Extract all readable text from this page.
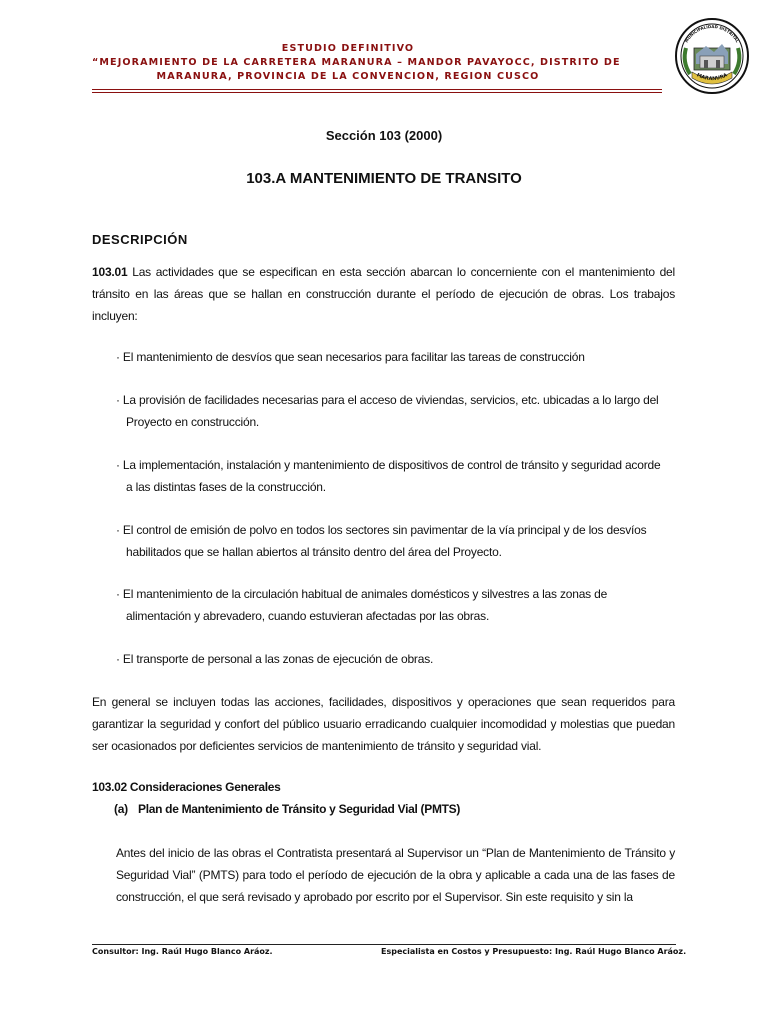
ESTUDIO DEFINITIVO
“MEJORAMIENTO DE LA CARRETERA MARANURA – MANDOR PAVAYOCC, DISTRITO DE
MARANURA, PROVINCIA DE LA CONVENCION, REGION CUSCO
MUNICIPALIDAD DISTRITAL
MARANURA
Sección 103 (2000)
103.A MANTENIMIENTO DE TRANSITO
DESCRIPCIÓN
103.01 Las actividades que se especifican en esta sección abarcan lo concerniente con el mantenimiento del tránsito en las áreas que se hallan en construcción durante el período de ejecución de obras. Los trabajos incluyen:
· El mantenimiento de desvíos que sean necesarios para facilitar las tareas de construcción
· La provisión de facilidades necesarias para el acceso de viviendas, servicios, etc. ubicadas a lo largo del
Proyecto en construcción.
· La implementación, instalación y mantenimiento de dispositivos de control de tránsito y seguridad acorde
a las distintas fases de la construcción.
· El control de emisión de polvo en todos los sectores sin pavimentar de la vía principal y de los desvíos
habilitados que se hallan abiertos al tránsito dentro del área del Proyecto.
· El mantenimiento de la circulación habitual de animales domésticos y silvestres a las zonas de
alimentación y abrevadero, cuando estuvieran afectadas por las obras.
· El transporte de personal a las zonas de ejecución de obras.
En general se incluyen todas las acciones, facilidades, dispositivos y operaciones que sean requeridos para garantizar la seguridad y confort del público usuario erradicando cualquier incomodidad y molestias que puedan ser ocasionados por deficientes servicios de mantenimiento de tránsito y seguridad vial.
103.02 Consideraciones Generales
(a) Plan de Mantenimiento de Tránsito y Seguridad Vial (PMTS)
Antes del inicio de las obras el Contratista presentará al Supervisor un “Plan de Mantenimiento de Tránsito y Seguridad Vial” (PMTS) para todo el período de ejecución de la obra y aplicable a cada una de las fases de construcción, el que será revisado y aprobado por escrito por el Supervisor. Sin este requisito y sin la
Consultor: Ing. Raúl Hugo Blanco Aráoz.	Especialista en Costos y Presupuesto: Ing. Raúl Hugo Blanco Aráoz.
